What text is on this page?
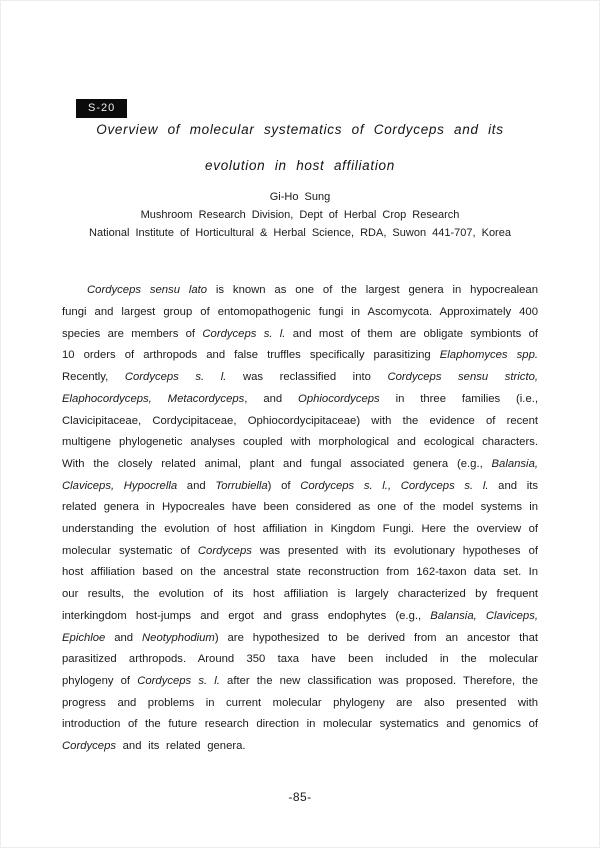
S-20
Overview of molecular systematics of Cordyceps and its
evolution in host affiliation
Gi-Ho Sung
Mushroom Research Division, Dept of Herbal Crop Research
National Institute of Horticultural & Herbal Science, RDA, Suwon 441-707, Korea

Cordyceps sensu lato is known as one of the largest genera in hypocrealean fungi and largest group of entomopathogenic fungi in Ascomycota. Approximately 400 species are members of Cordyceps s. l. and most of them are obligate symbionts of 10 orders of arthropods and false truffles specifically parasitizing Elaphomyces spp. Recently, Cordyceps s. l. was reclassified into Cordyceps sensu stricto, Elaphocordyceps, Metacordyceps, and Ophiocordyceps in three families (i.e., Clavicipitaceae, Cordycipitaceae, Ophiocordycipitaceae) with the evidence of recent multigene phylogenetic analyses coupled with morphological and ecological characters. With the closely related animal, plant and fungal associated genera (e.g., Balansia, Claviceps, Hypocrella and Torrubiella) of Cordyceps s. l., Cordyceps s. l. and its related genera in Hypocreales have been considered as one of the model systems in understanding the evolution of host affiliation in Kingdom Fungi. Here the overview of molecular systematic of Cordyceps was presented with its evolutionary hypotheses of host affiliation based on the ancestral state reconstruction from 162-taxon data set. In our results, the evolution of its host affiliation is largely characterized by frequent interkingdom host-jumps and ergot and grass endophytes (e.g., Balansia, Claviceps, Epichloe and Neotyphodium) are hypothesized to be derived from an ancestor that parasitized arthropods. Around 350 taxa have been included in the molecular phylogeny of Cordyceps s. l. after the new classification was proposed. Therefore, the progress and problems in current molecular phylogeny are also presented with introduction of the future research direction in molecular systematics and genomics of Cordyceps and its related genera.

-85-
